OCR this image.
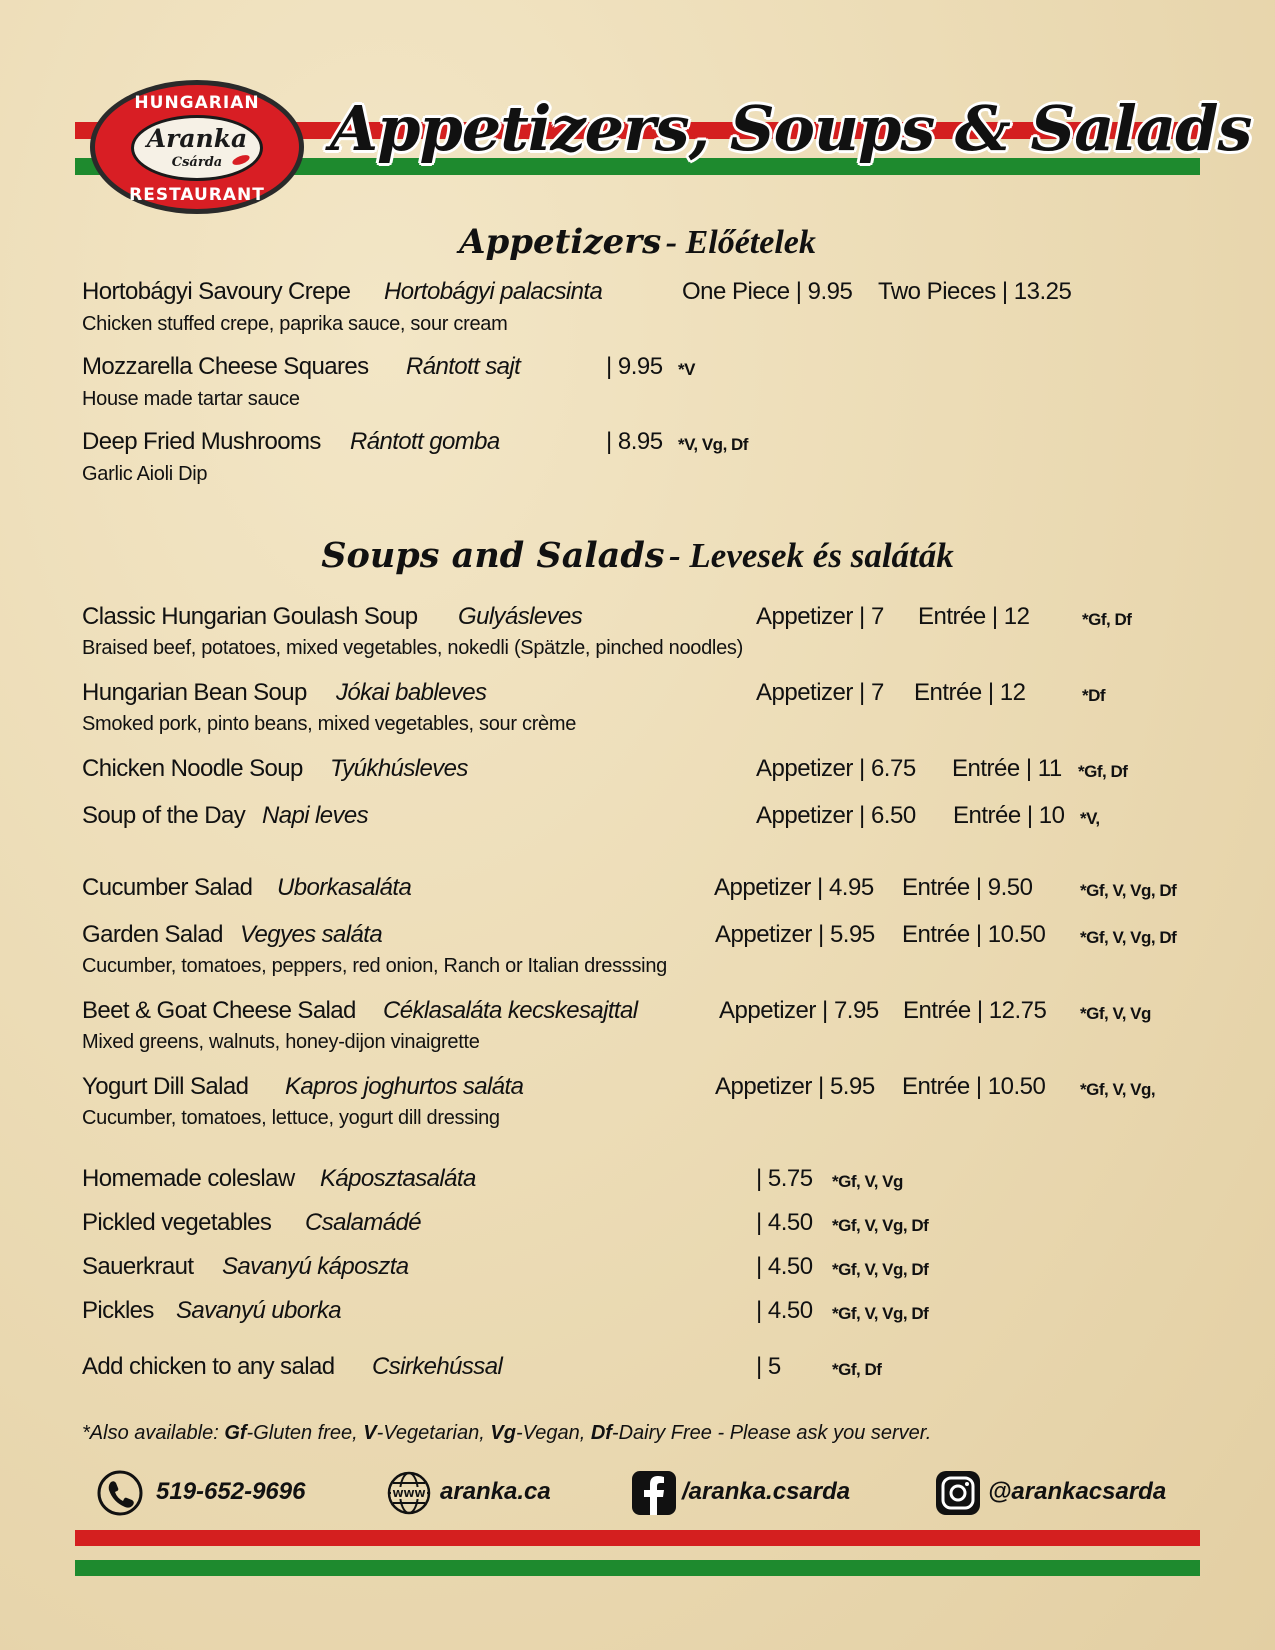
HUNGARIAN
Aranka
Csárda
RESTAURANT
Appetizers, Soups & Salads
Appetizers - Előételek
Hortobágyi Savoury Crepe Hortobágyi palacsinta	One Piece | 9.95 Two Pieces | 13.25
Chicken stuffed crepe, paprika sauce, sour cream
Mozzarella Cheese Squares Rántott sajt	| 9.95 *V
House made tartar sauce
Deep Fried Mushrooms Rántott gomba	| 8.95 *V, Vg, Df
Garlic Aioli Dip
Soups and Salads - Levesek és saláták
Classic Hungarian Goulash Soup Gulyásleves	Appetizer | 7 Entrée | 12	*Gf, Df
Braised beef, potatoes, mixed vegetables, nokedli (Spätzle, pinched noodles)
Hungarian Bean Soup Jókai bableves	Appetizer | 7 Entrée | 12	*Df
Smoked pork, pinto beans, mixed vegetables, sour crème
Chicken Noodle Soup Tyúkhúsleves	Appetizer | 6.75 Entrée | 11 *Gf, Df
Soup of the Day Napi leves	Appetizer | 6.50 Entrée | 10 *V,
Cucumber Salad Uborkasaláta	Appetizer | 4.95 Entrée | 9.50	*Gf, V, Vg, Df
Garden Salad Vegyes saláta	Appetizer | 5.95 Entrée | 10.50 *Gf, V, Vg, Df
Cucumber, tomatoes, peppers, red onion, Ranch or Italian dresssing
Beet & Goat Cheese Salad Céklasaláta kecskesajttal	Appetizer | 7.95 Entrée | 12.75 *Gf, V, Vg
Mixed greens, walnuts, honey-dijon vinaigrette
Yogurt Dill Salad Kapros joghurtos saláta	Appetizer | 5.95 Entrée | 10.50 *Gf, V, Vg,
Cucumber, tomatoes, lettuce, yogurt dill dressing
Homemade coleslaw Káposztasaláta	| 5.75 *Gf, V, Vg
Pickled vegetables Csalamádé	| 4.50 *Gf, V, Vg, Df
Sauerkraut Savanyú káposzta	| 4.50 *Gf, V, Vg, Df
Pickles Savanyú uborka	| 4.50 *Gf, V, Vg, Df
Add chicken to any salad Csirkehússal	| 5	*Gf, Df
*Also available: Gf-Gluten free, V-Vegetarian, Vg-Vegan, Df-Dairy Free - Please ask you server.
519-652-9696	WWW aranka.ca	/aranka.csarda	@arankacsarda
